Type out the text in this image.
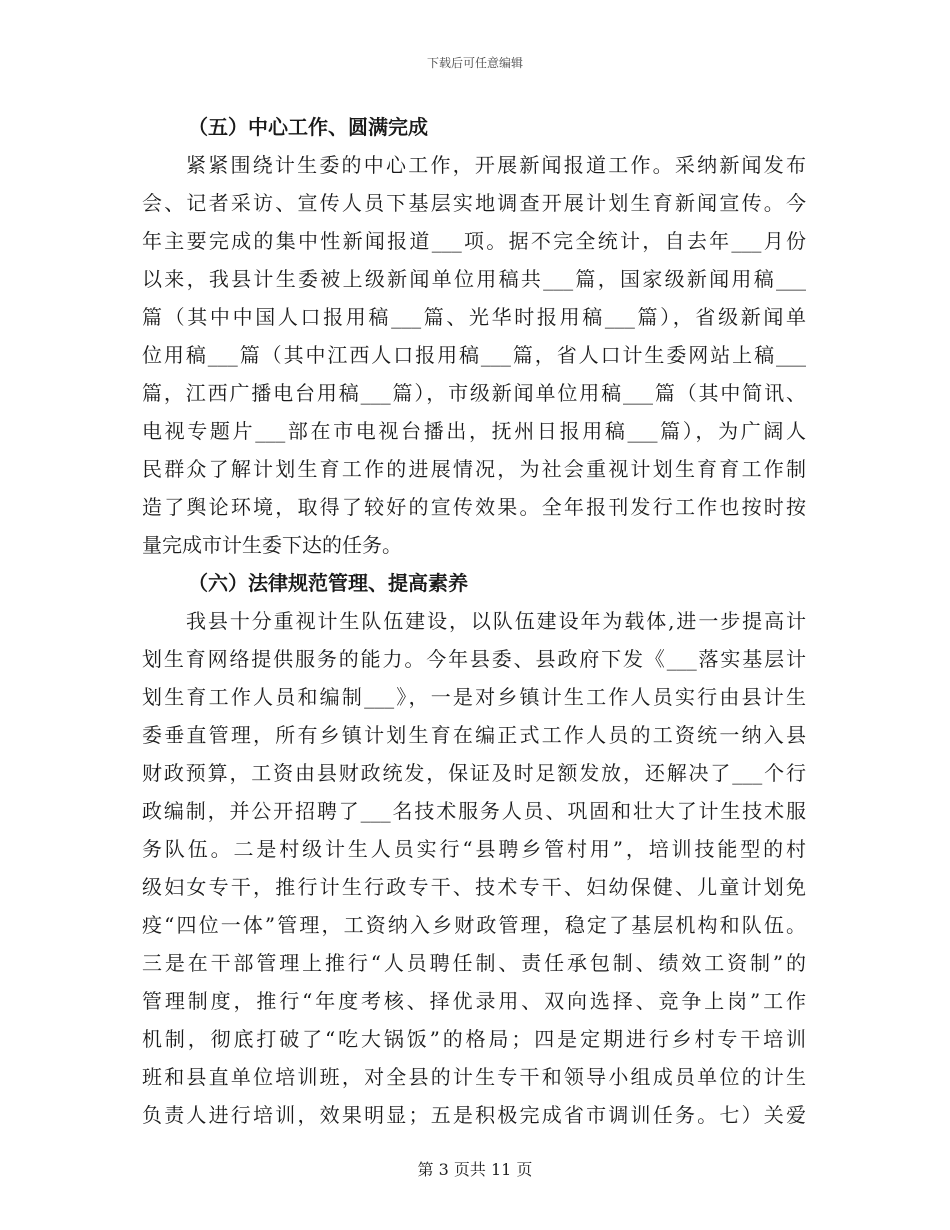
下载后可任意编辑
（五）中心工作、圆满完成
紧紧围绕计生委的中心工作，开展新闻报道工作。采纳新闻发布
会、记者采访、宣传人员下基层实地调查开展计划生育新闻宣传。今
年主要完成的集中性新闻报道___项。据不完全统计，自去年___月份
以来，我县计生委被上级新闻单位用稿共___篇，国家级新闻用稿___
篇（其中中国人口报用稿___篇、光华时报用稿___篇），省级新闻单
位用稿___篇（其中江西人口报用稿___篇，省人口计生委网站上稿___
篇，江西广播电台用稿___篇），市级新闻单位用稿___篇（其中简讯、
电视专题片___部在市电视台播出，抚州日报用稿___篇），为广阔人
民群众了解计划生育工作的进展情况，为社会重视计划生育育工作制
造了舆论环境，取得了较好的宣传效果。全年报刊发行工作也按时按
量完成市计生委下达的任务。
（六）法律规范管理、提高素养
我县十分重视计生队伍建设，以队伍建设年为载体,进一步提高计
划生育网络提供服务的能力。今年县委、县政府下发《___落实基层计
划生育工作人员和编制___》，一是对乡镇计生工作人员实行由县计生
委垂直管理，所有乡镇计划生育在编正式工作人员的工资统一纳入县
财政预算，工资由县财政统发，保证及时足额发放，还解决了___个行
政编制，并公开招聘了___名技术服务人员、巩固和壮大了计生技术服
务队伍。二是村级计生人员实行“县聘乡管村用”，培训技能型的村
级妇女专干，推行计生行政专干、技术专干、妇幼保健、儿童计划免
疫“四位一体”管理，工资纳入乡财政管理，稳定了基层机构和队伍。
三是在干部管理上推行“人员聘任制、责任承包制、绩效工资制”的
管理制度，推行“年度考核、择优录用、双向选择、竞争上岗”工作
机制，彻底打破了“吃大锅饭”的格局；四是定期进行乡村专干培训
班和县直单位培训班，对全县的计生专干和领导小组成员单位的计生
负责人进行培训，效果明显；五是积极完成省市调训任务。七）关爱
第 3 页共 11 页
